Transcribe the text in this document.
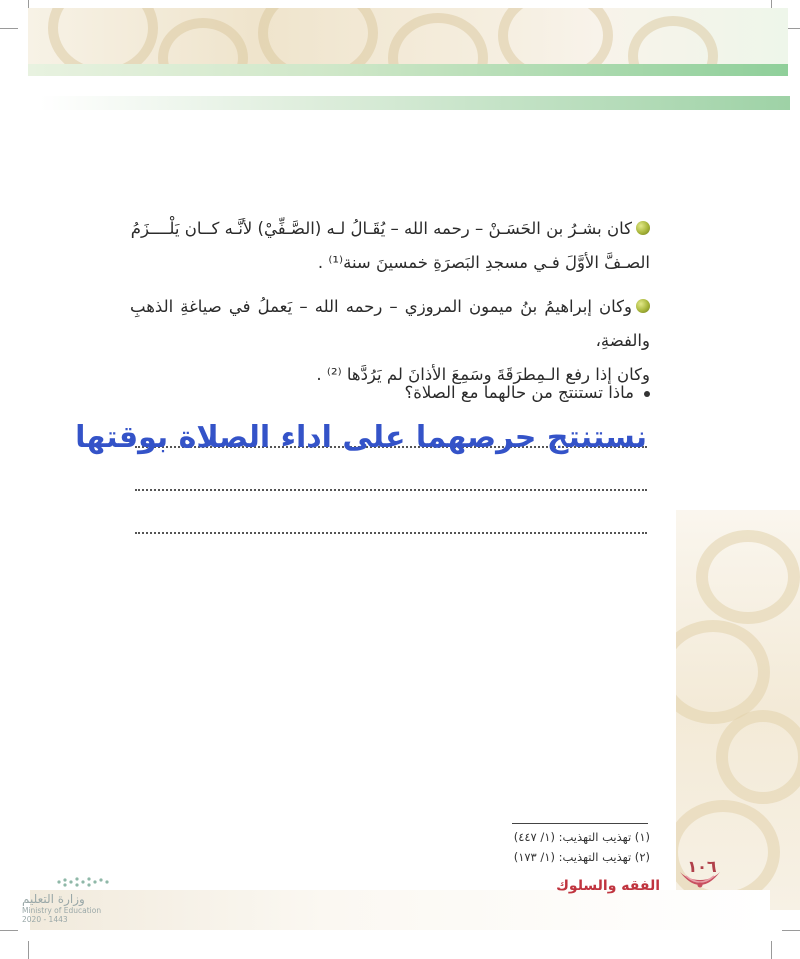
كان بشـرُ بن الحَسَـنْ – رحمه الله – يُقَـالُ لـه (الصَّـفِّيْ) لأنَّـه كــان يَلْــــزَمُ
الصـفَّ الأوَّلَ فـي مسجدِ البَصرَةِ خمسينَ سنة⁽¹⁾ .
وكان إبراهيمُ بنُ ميمون المروزي – رحمه الله – يَعملُ في صياغةِ الذهبِ والفضةِ،
وكان إذا رفع الـمِطرَقَةَ وسَمِعَ الأذانَ لم يَرُدَّها ⁽²⁾ .
ماذا تستنتج من حالهما مع الصلاة؟
نستنتج حرصهما على اداء الصلاة بوقتها
(١) تهذيب التهذيب: (١/ ٤٤٧)
(٢) تهذيب التهذيب: (١/ ١٧٣)	١٠٦
الفقه والسلوك
وزارة التعليم
Ministry of Education
2020 - 1443
